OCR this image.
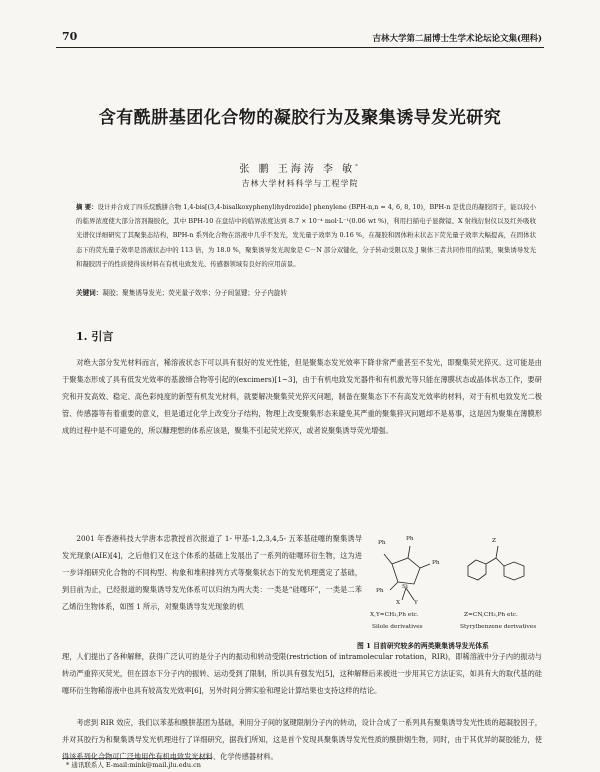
70	吉林大学第二届博士生学术论坛论文集(理科)
含有酰肼基团化合物的凝胶行为及聚集诱导发光研究
张 鹏 王海涛 李 敏*
吉林大学材料科学与工程学院
摘 要：设计并合成了四乐烷酰肼合物 1,4-bis[(3,4-bisalkoxyphenyl)hydrozide] phenylene (BPH-n,n = 4, 6, 8, 10)，BPH-n 是优良的凝胶因子，能以较小的临界浓度使大部分溶剂凝胶化，其中 BPH-10 在盘结中的临界浓度达到 8.7 × 10⁻⁴ mol·L⁻¹(0.06 wt %)，利用扫描电子显微镜、X 射线衍射仪以及红外吸收光谱仪详细研究了其聚集态结构，BPH-n 系列化合物在溶液中几乎不发光，发光量子效率为 0.16 %，在凝胶和固体粉末状态下荧光量子效率大幅提高，在固体状态下的荧光量子效率是溶液状态中的 113 倍，为 18.0 %，聚集诱导发光现象是 C－N 部分双键化，分子转动受限以及 J 聚体三者共同作用的结果，聚集诱导发光和凝胶因子的性质使得该材料在有机电致发光、传感器领域有良好的应用前景。
关键词：凝胶；聚集诱导发光；荧光量子效率；分子间氢键；分子内旋转
1. 引言
对绝大部分发光材料而言，稀溶液状态下可以具有很好的发光性能，但是聚集态发光效率下降非常严重甚至不发光，即聚集荧光猝灭。这可能是由于聚集态形成了具有低发光效率的基激缔合物等引起的(excimers)[1~3]，由于有机电致发光器件和有机激光等只能在薄膜状态或晶体状态工作，要研究和开发高效、稳定、高色彩纯度的新型有机发光材料，就要解决聚集荧光猝灭问题，制备在聚集态下不有高发光效率的材料，对于有机电致发光二极管、传感器等有着重要的意义，但是通过化学上改变分子结构，物理上改变聚集形态来避免其严重的聚集猝灭问题却不是易事，这是因为聚集在薄膜形成的过程中是不可避免的，所以糠理想的体系应该是，聚集不引起荧光猝灭，或者说聚集诱导荧光增强。
2001 年香港科技大学唐本忠教授首次报道了 1- 甲基-1,2,3,4,5- 五苯基硅噻的聚集诱导发光现象(AIE)[4]，之后他们又在这个体系的基础上发展出了一系列的硅噻环衍生物，这为进一步详细研究化合物的不同构型、构象和堆积排列方式等聚集状态下的发光机理奠定了基础，到目前为止，已经报道的聚集诱导发光体系可以归纳为两大类：一类是“硅噻环”，一类是二苯乙烯衍生物体系，如图 1 所示，对聚集诱导发光现象的机
Ph
Ph
Ph
Ph
Si
X Y
Z
X,Y=CH₃,Ph etc.	Z=CN,CH₃,Ph etc.
Silole derivatives	Styrylbenzene derivatives
图 1 目前研究较多的两类聚集诱导发光体系
理，人们提出了各种解释，获得广泛认可的是分子内的振动和转动受限(restriction of intramolecular rotation，RIR)，即稀溶液中分子内的振动与转动严重猝灭荧光，但在固态下分子内的振转、运动受到了限制，所以具有强发光[5]，这种解释后来被进一步用其它方法证实，如具有大的取代基的硅噻环衍生物稀溶液中也具有较高发光效率[6]，另外时间分辨实验和理论计算结果也支持这样的结论。
考虑到 RIR 效应，我们以苯基和酰肼基团为基础，利用分子间的氢键限制分子内的转动，设计合成了一系列具有聚集诱导发光性质的超凝胶因子，并对其胶行为和聚集诱导发光机理进行了详细研究，据我们所知，这是首个发现具聚集诱导发光性质的酰肼烟生物，同时，由于其优异的凝胶能力，使得该系列化合物可广泛地用作有机电致发光材料、化学传感器材料。
* 通讯联系人 E-mail:mink@mail.jlu.edu.cn
